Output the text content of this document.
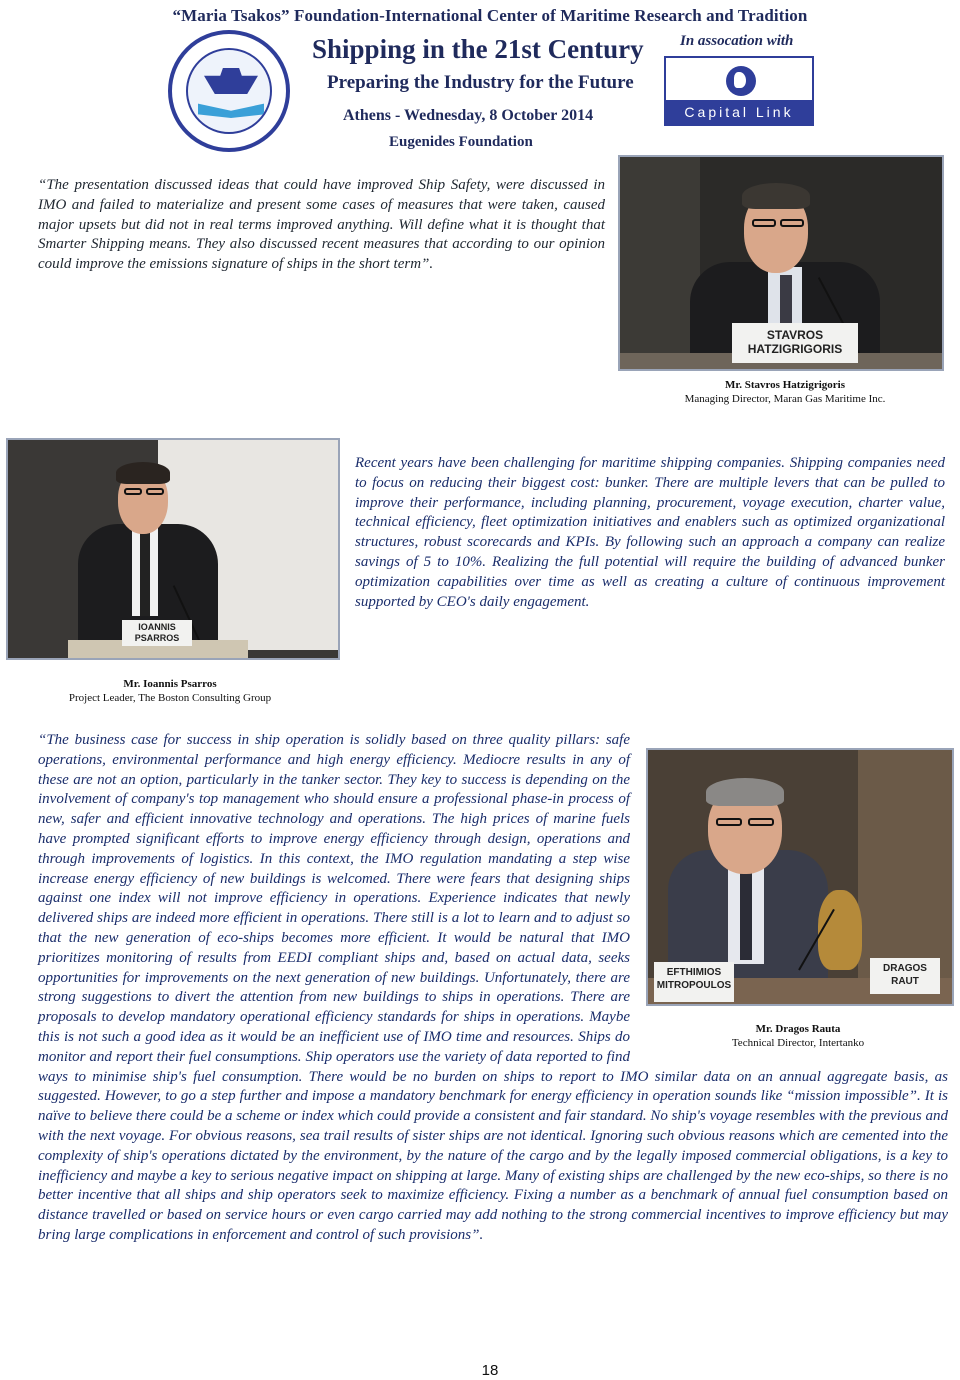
“Maria Tsakos” Foundation-International Center of Maritime Research and Tradition
Shipping in the 21st Century
Preparing the Industry for the Future
Athens - Wednesday, 8 October 2014
Eugenides Foundation
In assocation with
Capital Link

“The presentation discussed ideas that could have improved Ship Safety, were discussed in IMO and failed to materialize and present some cases of measures that were taken, caused major upsets but did not in real terms improved anything. Will define what it is thought that Smarter Shipping means. They also discussed recent measures that according to our opinion could improve the emissions signature of ships in the short term”.

STAVROS
HATZIGRIGORIS
Mr. Stavros Hatzigrigoris
Managing Director, Maran Gas Maritime Inc.
IOANNIS
PSARROS

Recent years have been challenging for maritime shipping companies. Shipping companies need to focus on reducing their biggest cost: bunker. There are multiple levers that can be pulled to improve their performance, including planning, procurement, voyage execution, charter value, technical efficiency, fleet optimization initiatives and enablers such as optimized organizational structures, robust scorecards and KPIs. By following such an approach a company can realize savings of 5 to 10%. Realizing the full potential will require the building of advanced bunker optimization capabilities over time as well as creating a culture of continuous improvement supported by CEO's daily engagement.

Mr. Ioannis Psarros
Project Leader, The Boston Consulting Group
EFTHIMIOS
MITROPOULOS
DRAGOS
RAUT
Mr. Dragos Rauta
Technical Director, Intertanko
“The business case for success in ship operation is solidly based on three quality pillars: safe operations, environmental performance and high energy efficiency. Mediocre results in any of these are not an option, particularly in the tanker sector. They key to success is depending on the involvement of company's top management who should ensure a professional phase-in process of new, safer and efficient innovative technology and operations. The high prices of marine fuels have prompted significant efforts to improve energy efficiency through design, operations and through improvements of logistics. In this context, the IMO regulation mandating a step wise increase energy efficiency of new buildings is welcomed. There were fears that designing ships against one index will not improve efficiency in operations. Experience indicates that newly delivered ships are indeed more efficient in operations. There still is a lot to learn and to adjust so that the new generation of eco-ships becomes more efficient. It would be natural that IMO prioritizes monitoring of results from EEDI compliant ships and, based on actual data, seeks opportunities for improvements on the next generation of new buildings. Unfortunately, there are strong suggestions to divert the attention from new buildings to ships in operations. There are proposals to develop mandatory operational efficiency standards for ships in operations. Maybe this is not such a good idea as it would be an inefficient use of IMO time and resources. Ships do monitor and report their fuel consumptions. Ship operators use the variety of data reported to find ways to minimise ship's fuel consumption. There would be no burden on ships to report to IMO similar data on an annual aggregate basis, as suggested. However, to go a step further and impose a mandatory benchmark for energy efficiency in operation sounds like “mission impossible”. It is naïve to believe there could be a scheme or index which could provide a consistent and fair standard. No ship's voyage resembles with the previous and with the next voyage. For obvious reasons, sea trail results of sister ships are not identical. Ignoring such obvious reasons which are cemented into the complexity of ship's operations dictated by the environment, by the nature of the cargo and by the legally imposed commercial obligations, is a key to inefficiency and maybe a key to serious negative impact on shipping at large. Many of existing ships are challenged by the new eco-ships, so there is no better incentive that all ships and ship operators seek to maximize efficiency. Fixing a number as a benchmark of annual fuel consumption based on distance travelled or based on service hours or even cargo carried may add nothing to the strong commercial incentives to improve efficiency but may bring large complications in enforcement and control of such provisions”.
18
